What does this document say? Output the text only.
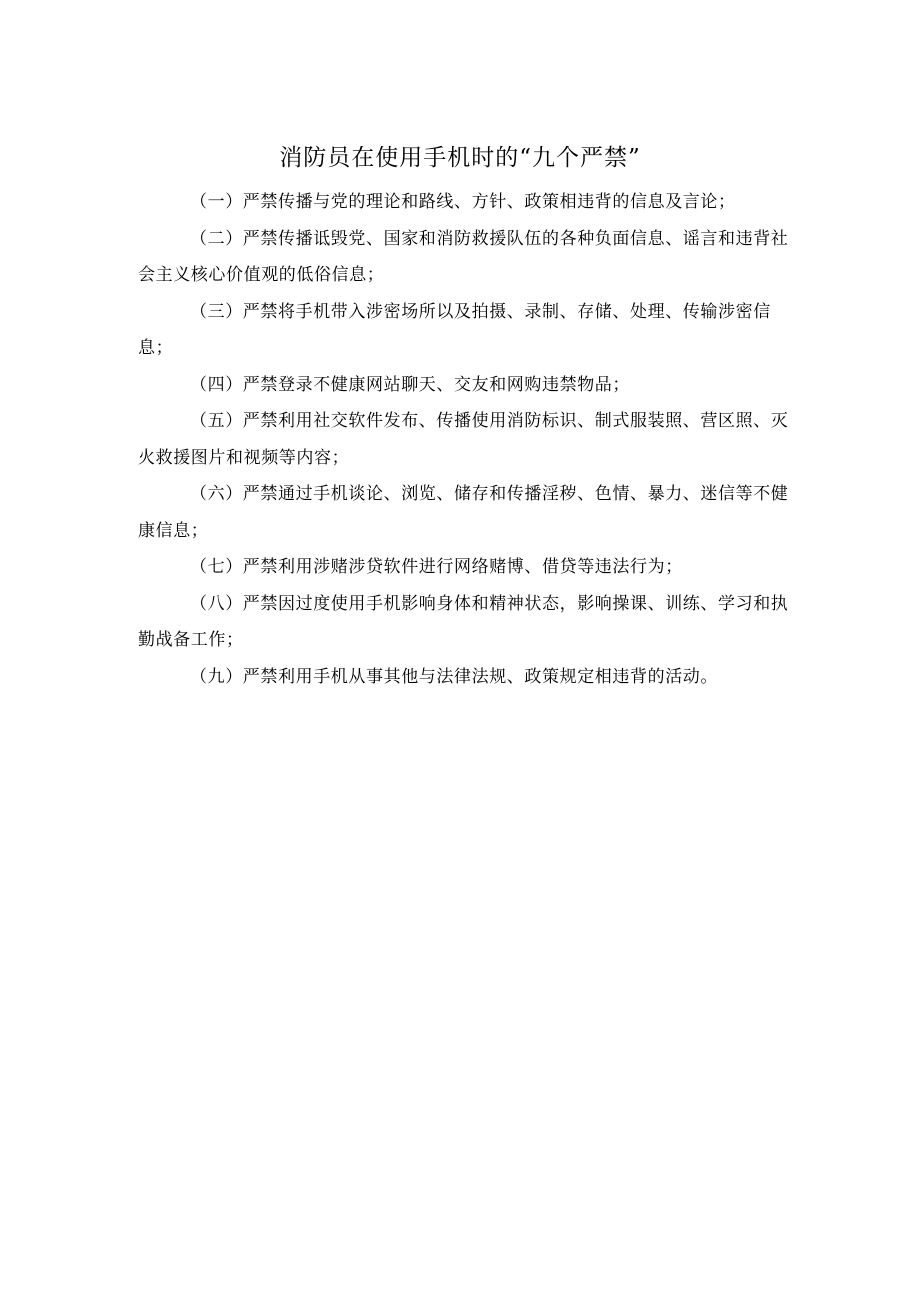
消防员在使用手机时的“九个严禁”

（一）严禁传播与党的理论和路线、方针、政策相违背的信息及言论；

（二）严禁传播诋毁党、国家和消防救援队伍的各种负面信息、谣言和违背社会主义核心价值观的低俗信息；

（三）严禁将手机带入涉密场所以及拍摄、录制、存储、处理、传输涉密信息；

（四）严禁登录不健康网站聊天、交友和网购违禁物品；

（五）严禁利用社交软件发布、传播使用消防标识、制式服装照、营区照、灭火救援图片和视频等内容；

（六）严禁通过手机谈论、浏览、储存和传播淫秽、色情、暴力、迷信等不健康信息；

（七）严禁利用涉赌涉贷软件进行网络赌博、借贷等违法行为；

（八）严禁因过度使用手机影响身体和精神状态，影响操课、训练、学习和执勤战备工作；

（九）严禁利用手机从事其他与法律法规、政策规定相违背的活动。
